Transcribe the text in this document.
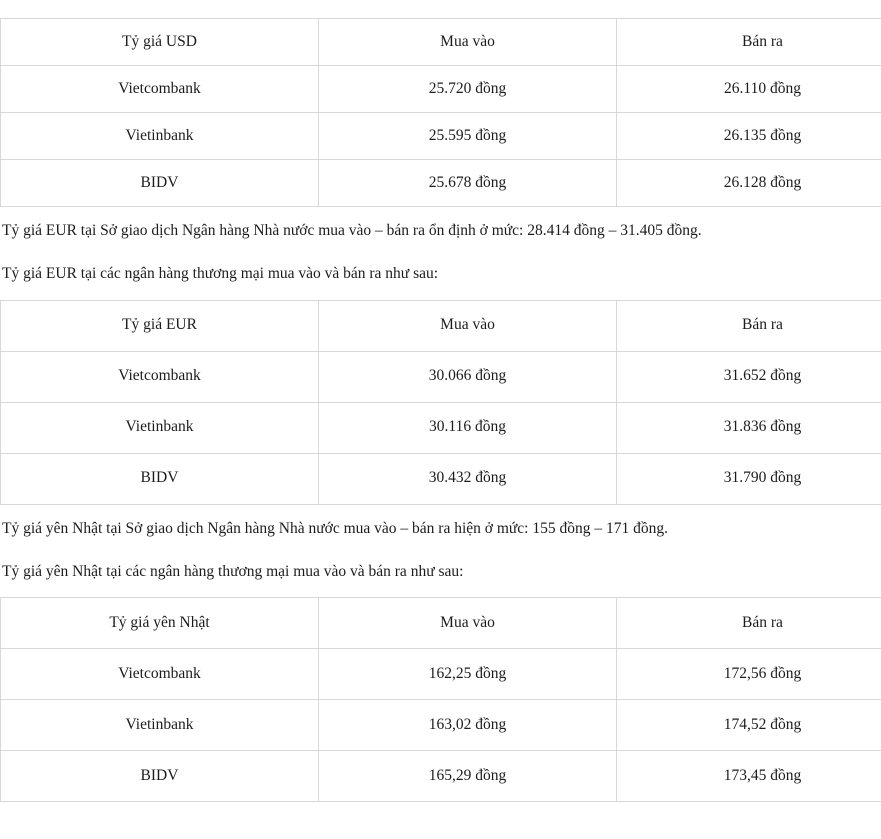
Tỷ giá USD	Mua vào	Bán ra
Vietcombank	25.720 đồng	26.110 đồng
Vietinbank	25.595 đồng	26.135 đồng
BIDV	25.678 đồng	26.128 đồng

Tỷ giá EUR tại Sở giao dịch Ngân hàng Nhà nước mua vào – bán ra ổn định ở mức: 28.414 đồng – 31.405 đồng.

Tỷ giá EUR tại các ngân hàng thương mại mua vào và bán ra như sau:

Tỷ giá EUR	Mua vào	Bán ra
Vietcombank	30.066 đồng	31.652 đồng
Vietinbank	30.116 đồng	31.836 đồng
BIDV	30.432 đồng	31.790 đồng

Tỷ giá yên Nhật tại Sở giao dịch Ngân hàng Nhà nước mua vào – bán ra hiện ở mức: 155 đồng – 171 đồng.

Tỷ giá yên Nhật tại các ngân hàng thương mại mua vào và bán ra như sau:

Tỷ giá yên Nhật	Mua vào	Bán ra
Vietcombank	162,25 đồng	172,56 đồng
Vietinbank	163,02 đồng	174,52 đồng
BIDV	165,29 đồng	173,45 đồng
